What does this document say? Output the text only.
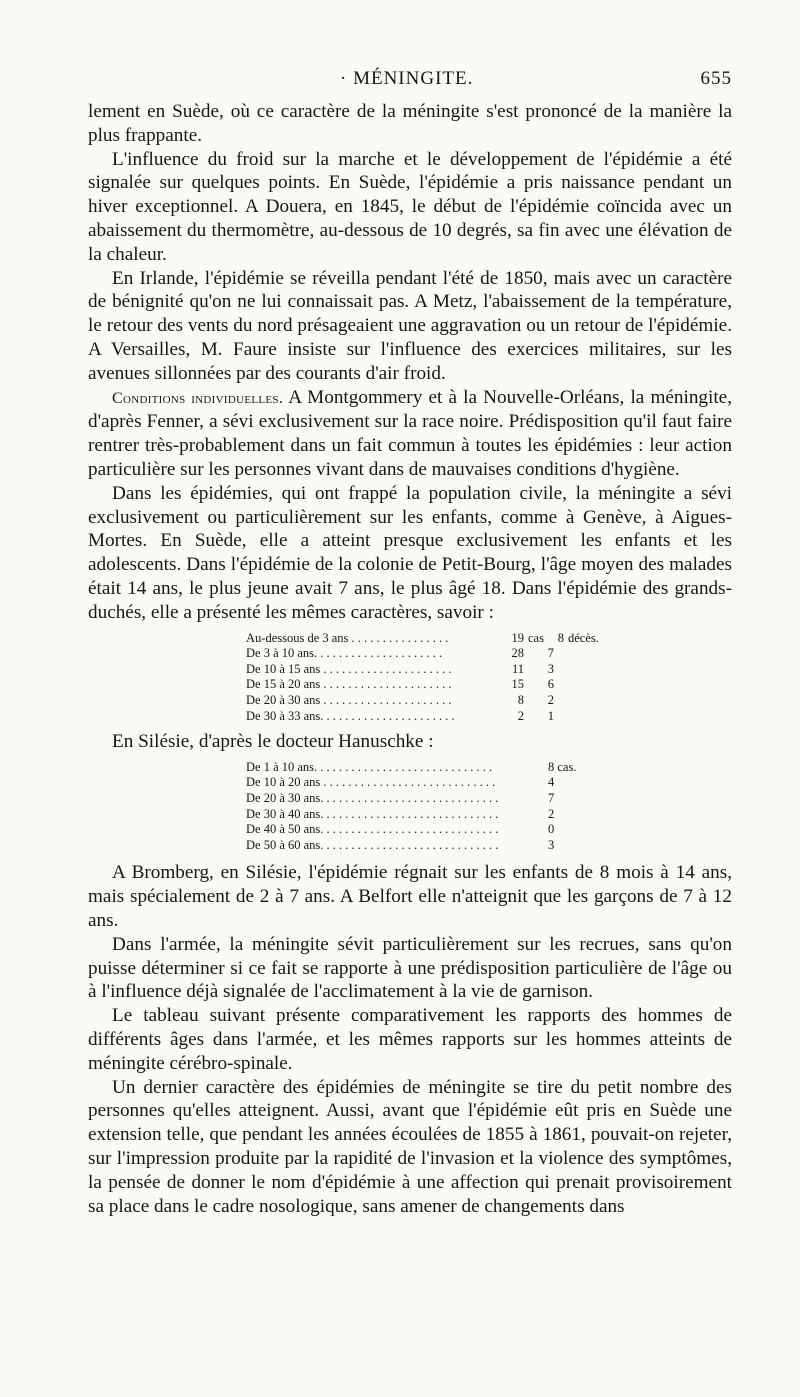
· MÉNINGITE.	655

lement en Suède, où ce caractère de la méningite s'est prononcé de la manière la plus frappante.

L'influence du froid sur la marche et le développement de l'épidémie a été signalée sur quelques points. En Suède, l'épidémie a pris naissance pendant un hiver exceptionnel. A Douera, en 1845, le début de l'épidémie coïncida avec un abaissement du thermomètre, au-dessous de 10 degrés, sa fin avec une élévation de la chaleur.

En Irlande, l'épidémie se réveilla pendant l'été de 1850, mais avec un caractère de bénignité qu'on ne lui connaissait pas. A Metz, l'abaissement de la température, le retour des vents du nord présageaient une aggravation ou un retour de l'épidémie. A Versailles, M. Faure insiste sur l'influence des exercices militaires, sur les avenues sillonnées par des courants d'air froid.

Conditions individuelles. A Montgommery et à la Nouvelle-Orléans, la méningite, d'après Fenner, a sévi exclusivement sur la race noire. Prédisposition qu'il faut faire rentrer très-probablement dans un fait commun à toutes les épidémies : leur action particulière sur les personnes vivant dans de mauvaises conditions d'hygiène.

Dans les épidémies, qui ont frappé la population civile, la méningite a sévi exclusivement ou particulièrement sur les enfants, comme à Genève, à Aigues-Mortes. En Suède, elle a atteint presque exclusivement les enfants et les adolescents. Dans l'épidémie de la colonie de Petit-Bourg, l'âge moyen des malades était 14 ans, le plus jeune avait 7 ans, le plus âgé 18. Dans l'épidémie des grands-duchés, elle a présenté les mêmes caractères, savoir :

Au-dessous de 3 ans . . . . . . . . . . . . . . . .	19 cas	8 décès.
De 3 à 10 ans. . . . . . . . . . . . . . . . . . . . .	28	7
De 10 à 15 ans . . . . . . . . . . . . . . . . . . . . .	11	3
De 15 à 20 ans . . . . . . . . . . . . . . . . . . . . .	15	6
De 20 à 30 ans . . . . . . . . . . . . . . . . . . . . .	8	2
De 30 à 33 ans. . . . . . . . . . . . . . . . . . . . . .	2	1

En Silésie, d'après le docteur Hanuschke :

De 1 à 10 ans. . . . . . . . . . . . . . . . . . . . . . . . . . . . .	8 cas.
De 10 à 20 ans . . . . . . . . . . . . . . . . . . . . . . . . . . . .	4
De 20 à 30 ans. . . . . . . . . . . . . . . . . . . . . . . . . . . . .	7
De 30 à 40 ans. . . . . . . . . . . . . . . . . . . . . . . . . . . . .	2
De 40 à 50 ans. . . . . . . . . . . . . . . . . . . . . . . . . . . . .	0
De 50 à 60 ans. . . . . . . . . . . . . . . . . . . . . . . . . . . . .	3

A Bromberg, en Silésie, l'épidémie régnait sur les enfants de 8 mois à 14 ans, mais spécialement de 2 à 7 ans. A Belfort elle n'atteignit que les garçons de 7 à 12 ans.

Dans l'armée, la méningite sévit particulièrement sur les recrues, sans qu'on puisse déterminer si ce fait se rapporte à une prédisposition particulière de l'âge ou à l'influence déjà signalée de l'acclimatement à la vie de garnison.

Le tableau suivant présente comparativement les rapports des hommes de différents âges dans l'armée, et les mêmes rapports sur les hommes atteints de méningite cérébro-spinale.

Un dernier caractère des épidémies de méningite se tire du petit nombre des personnes qu'elles atteignent. Aussi, avant que l'épidémie eût pris en Suède une extension telle, que pendant les années écoulées de 1855 à 1861, pouvait-on rejeter, sur l'impression produite par la rapidité de l'invasion et la violence des symptômes, la pensée de donner le nom d'épidémie à une affection qui prenait provisoirement sa place dans le cadre nosologique, sans amener de changements dans
